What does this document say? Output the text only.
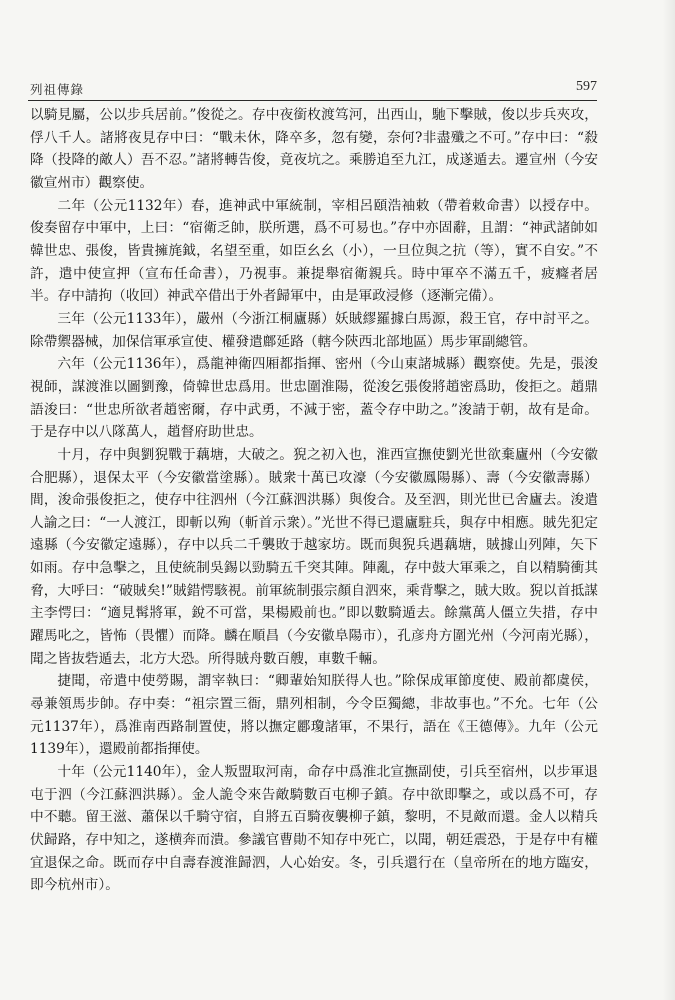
列祖傳錄	597

以騎見屬，公以步兵居前。”俊從之。存中夜銜枚渡笃河，出西山，馳下擊賊，俊以步兵夾攻，俘八千人。諸將夜見存中曰：“戰未休，降卒多，忽有變，奈何?非盡殲之不可。”存中曰：“殺降（投降的敵人）吾不忍。”諸將轉告俊，竟夜坑之。乘勝追至九江，成遂遁去。遷宣州（今安徽宣州市）觀察使。

二年（公元1132年）春，進神武中軍統制，宰相呂頤浩袖敕（帶着敕命書）以授存中。俊奏留存中軍中，上曰：“宿衛乏帥，朕所選，爲不可易也。”存中亦固辭，且謂：“神武諸帥如韓世忠、張俊，皆貴擁旄鉞，名望至重，如臣幺幺（小），一旦位與之抗（等），實不自安。”不許，遣中使宣押（宣布任命書），乃視事。兼提舉宿衛親兵。時中軍卒不滿五千，疲癃者居半。存中請拘（收回）神武卒借出于外者歸軍中，由是軍政浸修（逐漸完備）。

三年（公元1133年），嚴州（今浙江桐廬縣）妖賊繆羅據白馬源，殺王官，存中討平之。除帶禦器械，加保信軍承宣使、權發遣鄜延路（轄今陝西北部地區）馬步軍副總管。

六年（公元1136年），爲龍神衛四厢都指揮、密州（今山東諸城縣）觀察使。先是，張浚視師，謀渡淮以圖劉豫，倚韓世忠爲用。世忠圍淮陽，從浚乞張俊將趙密爲助，俊拒之。趙鼎語浚曰：“世忠所欲者趙密爾，存中武勇，不減于密，蓋令存中助之。”浚請于朝，故有是命。于是存中以八隊萬人，趙督府助世忠。

十月，存中與劉猊戰于藕塘，大破之。猊之初入也，淮西宣撫使劉光世欲棄廬州（今安徽合肥縣），退保太平（今安徽當塗縣）。賊衆十萬已攻濠（今安徽鳳陽縣）、壽（今安徽壽縣）間，浚命張俊拒之，使存中往泗州（今江蘇泗洪縣）與俊合。及至泗，則光世已舍廬去。浚遣人諭之曰：“一人渡江，即斬以殉（斬首示衆）。”光世不得已還廬駐兵，與存中相應。賊先犯定遠縣（今安徽定遠縣），存中以兵二千襲敗于越家坊。既而與猊兵遇藕塘，賊據山列陣，矢下如雨。存中急擊之，且使統制吳錫以勁騎五千突其陣。陣亂，存中鼓大軍乘之，自以精騎衝其脅，大呼曰：“破賊矣!”賊錯愕駭視。前軍統制張宗顏自泗來，乘背擊之，賊大敗。猊以首抵謀主李愕曰：“適見髯將軍，銳不可當，果楊殿前也。”即以數騎遁去。餘黨萬人僵立失措，存中躍馬叱之，皆怖（畏懼）而降。麟在順昌（今安徽阜陽市），孔彦舟方圍光州（今河南光縣），聞之皆抜砦遁去，北方大恐。所得賊舟數百艘，車數千輛。

捷聞，帝遣中使勞賜，謂宰執曰：“卿輩始知朕得人也。”除保成軍節度使、殿前都虞侯，尋兼領馬步帥。存中奏：“祖宗置三衙，鼎列相制，今令臣獨總，非故事也。”不允。七年（公元1137年），爲淮南西路制置使，將以撫定酈瓊諸軍，不果行，語在《王德傳》。九年（公元1139年），還殿前都指揮使。

十年（公元1140年），金人叛盟取河南，命存中爲淮北宣撫副使，引兵至宿州，以步軍退屯于泗（今江蘇泗洪縣）。金人詭令來告敵騎數百屯柳子鎮。存中欲即擊之，或以爲不可，存中不聽。留王滋、蕭保以千騎守宿，自將五百騎夜襲柳子鎮，黎明，不見敵而還。金人以精兵伏歸路，存中知之，遂横奔而潰。參議官曹勛不知存中死亡，以聞，朝廷震恐，于是存中有權宜退保之命。既而存中自壽春渡淮歸泗，人心始安。冬，引兵還行在（皇帝所在的地方臨安，即今杭州市）。
